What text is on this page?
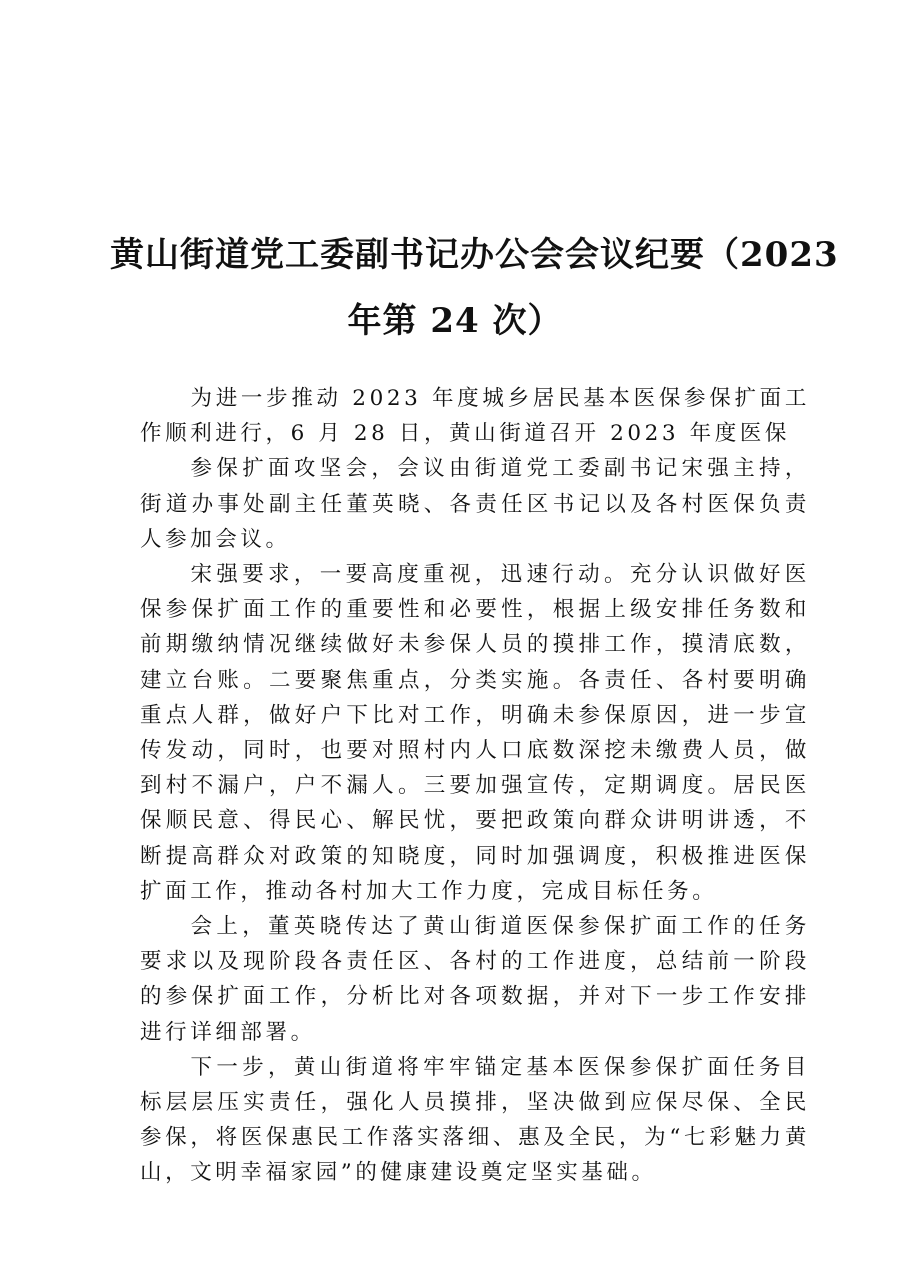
黄山街道党工委副书记办公会会议纪要（2023
年第 24 次）

为进一步推动 2023 年度城乡居民基本医保参保扩面工作顺利进行，6 月 28 日，黄山街道召开 2023 年度医保

参保扩面攻坚会，会议由街道党工委副书记宋强主持，街道办事处副主任董英晓、各责任区书记以及各村医保负责人参加会议。

宋强要求，一要高度重视，迅速行动。充分认识做好医保参保扩面工作的重要性和必要性，根据上级安排任务数和前期缴纳情况继续做好未参保人员的摸排工作，摸清底数，建立台账。二要聚焦重点，分类实施。各责任、各村要明确重点人群，做好户下比对工作，明确未参保原因，进一步宣传发动，同时，也要对照村内人口底数深挖未缴费人员，做到村不漏户，户不漏人。三要加强宣传，定期调度。居民医保顺民意、得民心、解民忧，要把政策向群众讲明讲透，不断提高群众对政策的知晓度，同时加强调度，积极推进医保扩面工作，推动各村加大工作力度，完成目标任务。

会上，董英晓传达了黄山街道医保参保扩面工作的任务要求以及现阶段各责任区、各村的工作进度，总结前一阶段的参保扩面工作，分析比对各项数据，并对下一步工作安排进行详细部署。

下一步，黄山街道将牢牢锚定基本医保参保扩面任务目标层层压实责任，强化人员摸排，坚决做到应保尽保、全民参保，将医保惠民工作落实落细、惠及全民，为“七彩魅力黄山，文明幸福家园”的健康建设奠定坚实基础。
